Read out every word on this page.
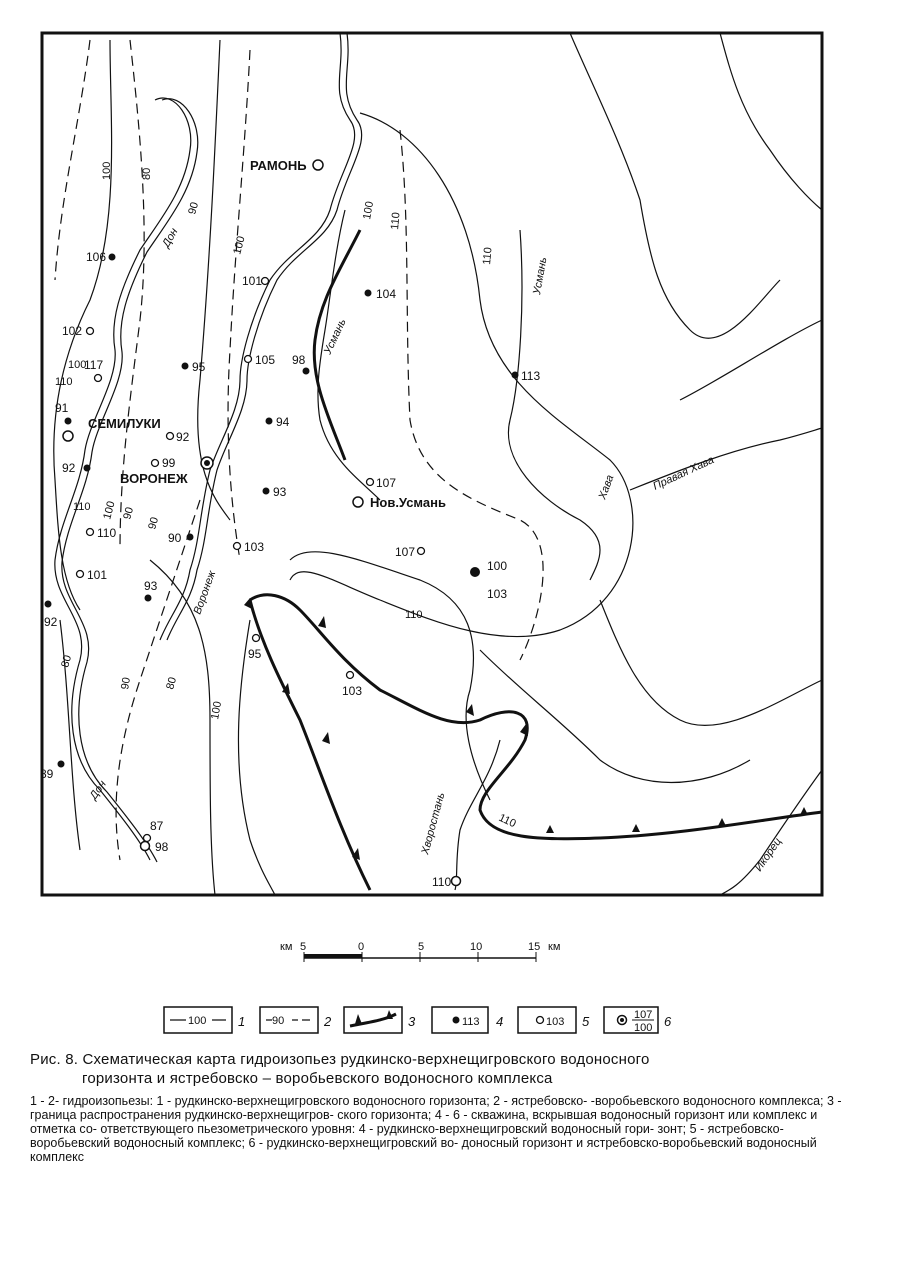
РАМОНЬ
СЕМИЛУКИ
ВОРОНЕЖ
Нов.Усмань
Дон
Дон
Воронеж
Усмань
Усмань
Хава	Правая Хава
Хворостань	Икорец
100	80
90
100
110
100
110
110
110 100 90
90
110
100
80
90
100
110
80
106
98
104
113
95
94
93
91
92
90
93
92
89
102
117
101
105
107
92
99
110
101
103
95
103
87
107
100
103
98
110
км 5	0	5	10	15 км
100 1 90	2	3	113 4	103 5	107
100 6
Рис. 8. Схематическая карта гидроизопьез рудкинско-верхнещигровского водоносного
горизонта и ястребовско – воробьевского водоносного комплекса
1 - 2- гидроизопьезы: 1 - рудкинско-верхнещигровского водоносного горизонта; 2 - ястребовско- -воробьевского водоносного комплекса; 3 - граница распространения рудкинско-верхнещигров- ского горизонта; 4 - 6 - скважина, вскрывшая водоносный горизонт или комплекс и отметка со- ответствующего пьезометрического уровня: 4 - рудкинско-верхнещигровский водоносный гори- зонт; 5 - ястребовско-воробьевский водоносный комплекс; 6 - рудкинско-верхнещигровский во- доносный горизонт и ястребовско-воробьевский водоносный комплекс
